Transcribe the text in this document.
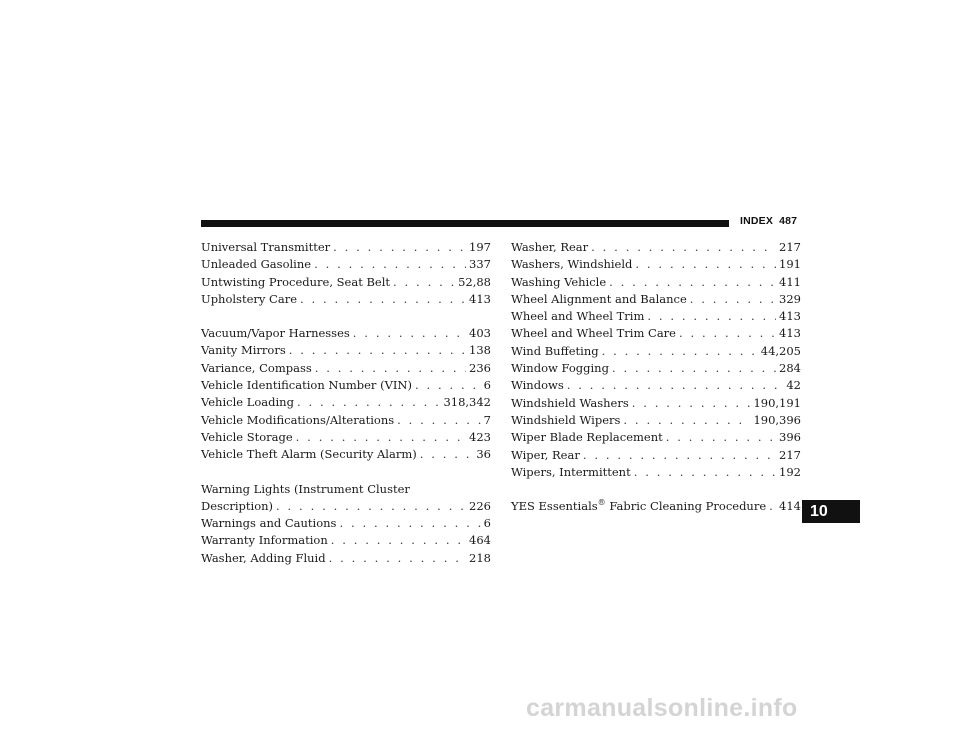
INDEX 487
Universal Transmitter . . .	197
Unleaded Gasoline . . .	337
Untwisting Procedure, Seat Belt . . .	52,88
Upholstery Care . . .	413
Vacuum/Vapor Harnesses . . .	403
Vanity Mirrors . . .	138
Variance, Compass . . .	236
Vehicle Identification Number (VIN) . . .	6
Vehicle Loading . . .	318,342
Vehicle Modifications/Alterations . . .	7
Vehicle Storage . . .	423
Vehicle Theft Alarm (Security Alarm) . . .	36
Warning Lights (Instrument Cluster
Description) . . .	226
Warnings and Cautions . . .	6
Warranty Information . . .	464
Washer, Adding Fluid . . .	218
Washer, Rear . . .	217
Washers, Windshield . . .	191
Washing Vehicle . . .	411
Wheel Alignment and Balance . . .	329
Wheel and Wheel Trim . . .	413
Wheel and Wheel Trim Care . . .	413
Wind Buffeting . . .	44,205
Window Fogging . . .	284
Windows . . .	42
Windshield Washers . . .	190,191
Windshield Wipers . . .	190,396
Wiper Blade Replacement . . .	396
Wiper, Rear . . .	217
Wipers, Intermittent . . .	192
YES Essentials® Fabric Cleaning Procedure . . . 414 10
carmanualsonline.info
